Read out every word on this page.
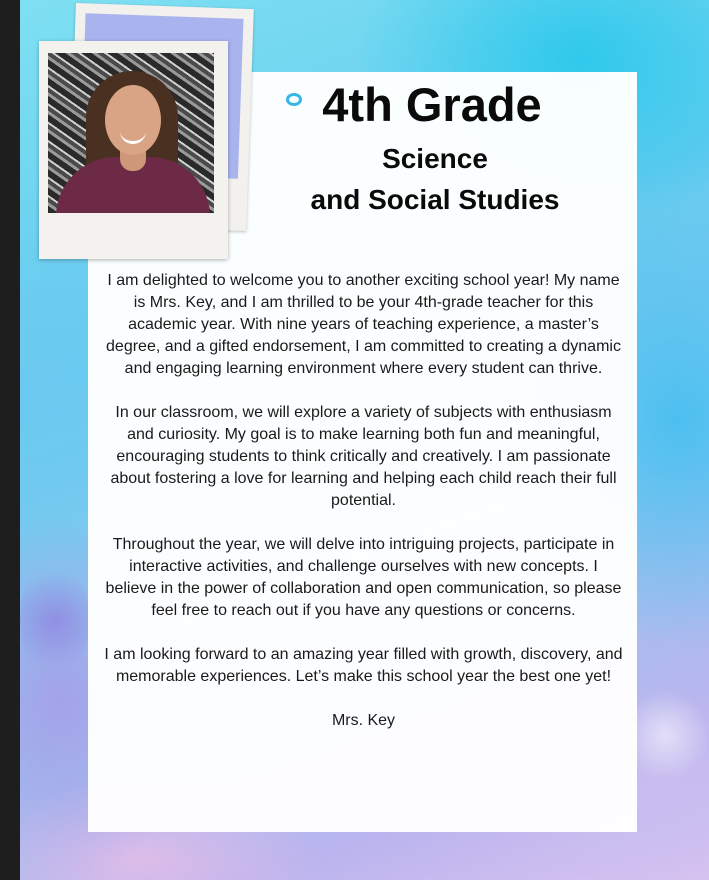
4th Grade
Science
and Social Studies

I am delighted to welcome you to another exciting school year! My name is Mrs. Key, and I am thrilled to be your 4th-grade teacher for this academic year. With nine years of teaching experience, a master’s degree, and a gifted endorsement, I am committed to creating a dynamic and engaging learning environment where every student can thrive.

In our classroom, we will explore a variety of subjects with enthusiasm and curiosity. My goal is to make learning both fun and meaningful, encouraging students to think critically and creatively. I am passionate about fostering a love for learning and helping each child reach their full potential.

Throughout the year, we will delve into intriguing projects, participate in interactive activities, and challenge ourselves with new concepts. I believe in the power of collaboration and open communication, so please feel free to reach out if you have any questions or concerns.

I am looking forward to an amazing year filled with growth, discovery, and memorable experiences. Let’s make this school year the best one yet!

Mrs. Key
